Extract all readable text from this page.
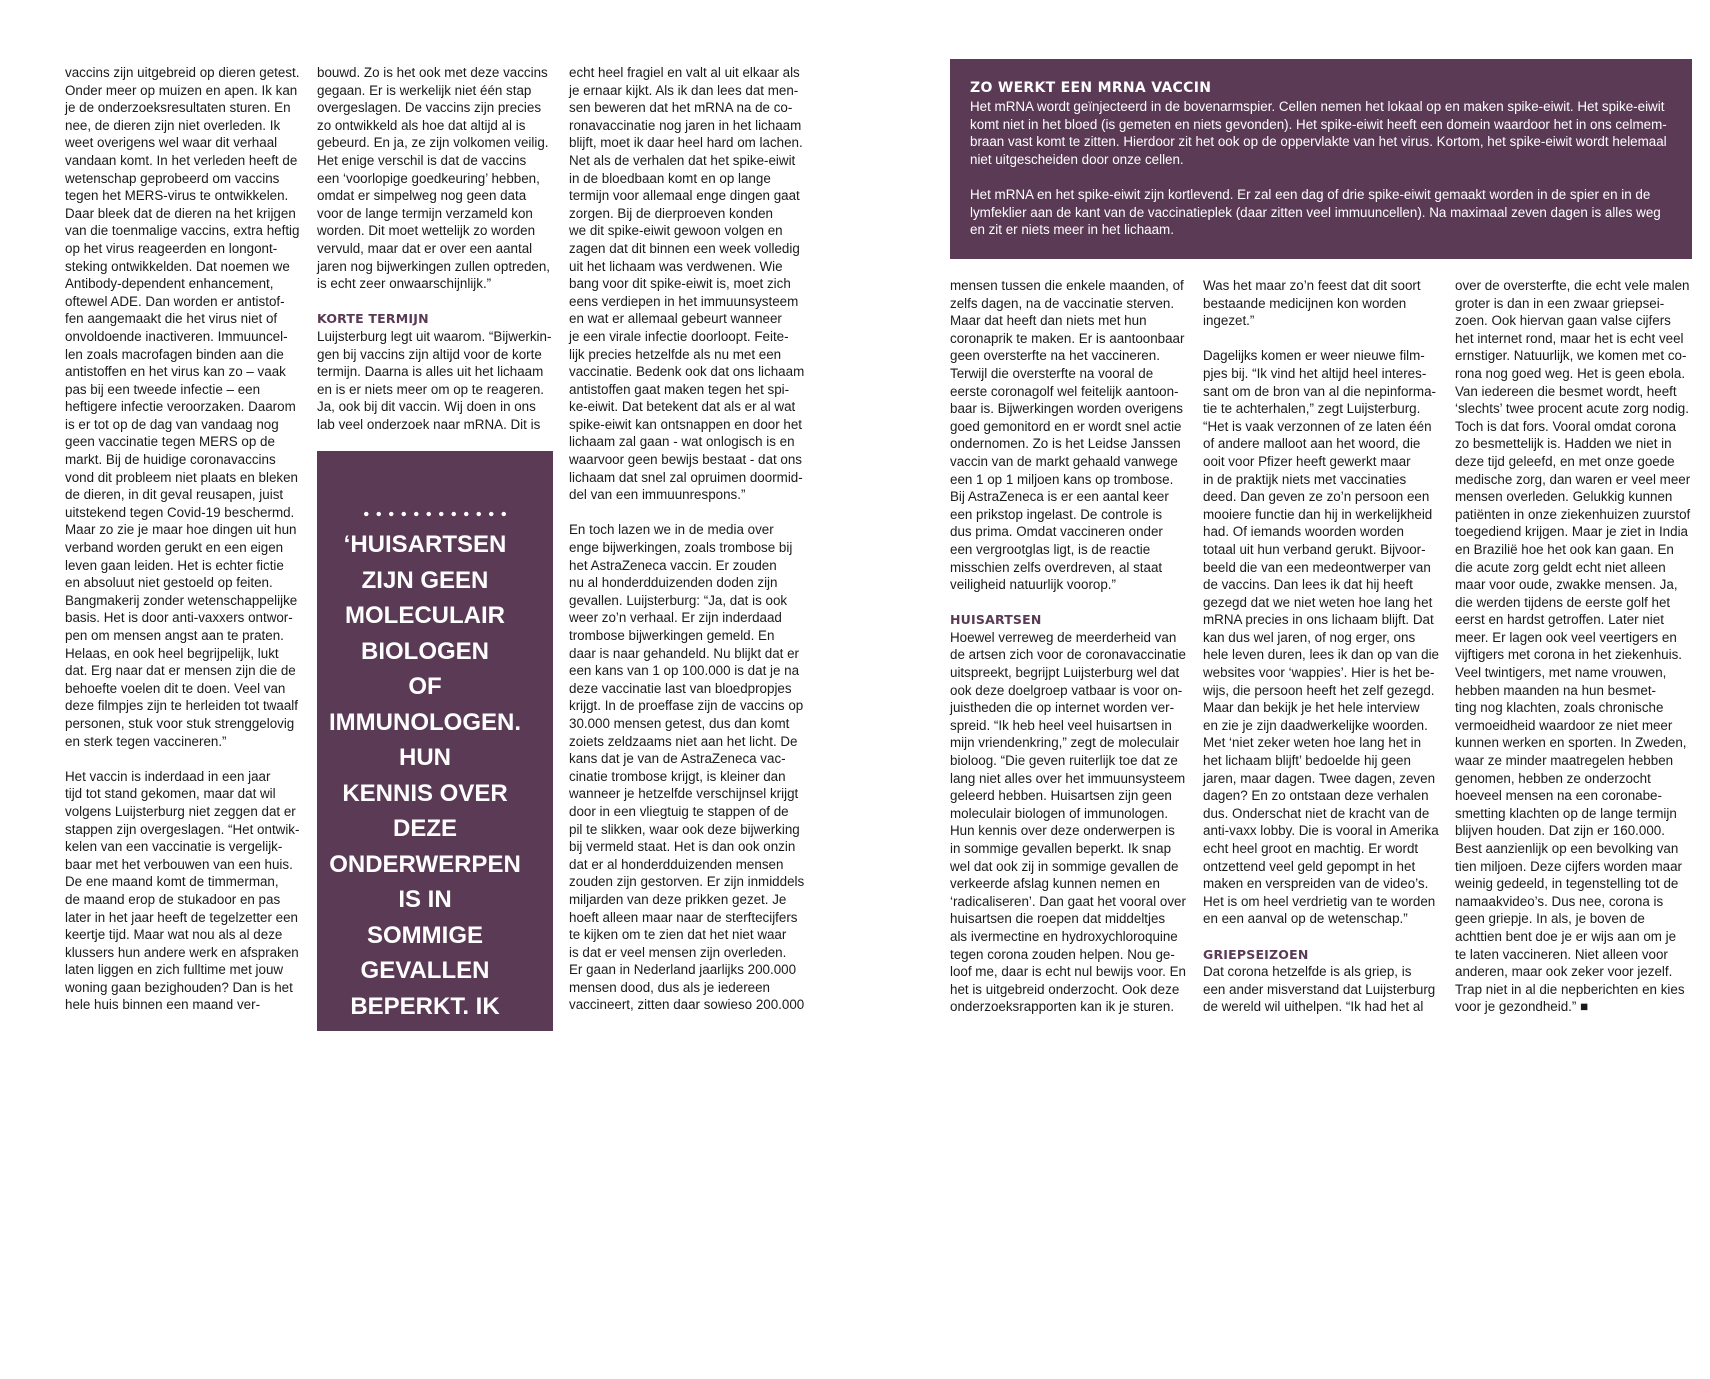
vaccins zijn uitgebreid op dieren getest.
Onder meer op muizen en apen. Ik kan
je de onderzoeksresultaten sturen. En
nee, de dieren zijn niet overleden. Ik
weet overigens wel waar dit verhaal
vandaan komt. In het verleden heeft de
wetenschap geprobeerd om vaccins
tegen het MERS-virus te ontwikkelen.
Daar bleek dat de dieren na het krijgen
van die toenmalige vaccins, extra heftig
op het virus reageerden en longont-
steking ontwikkelden. Dat noemen we
Antibody-dependent enhancement,
oftewel ADE. Dan worden er antistof-
fen aangemaakt die het virus niet of
onvoldoende inactiveren. Immuuncel-
len zoals macrofagen binden aan die
antistoffen en het virus kan zo – vaak
pas bij een tweede infectie – een
heftigere infectie veroorzaken. Daarom
is er tot op de dag van vandaag nog
geen vaccinatie tegen MERS op de
markt. Bij de huidige coronavaccins
vond dit probleem niet plaats en bleken
de dieren, in dit geval reusapen, juist
uitstekend tegen Covid-19 beschermd.
Maar zo zie je maar hoe dingen uit hun
verband worden gerukt en een eigen
leven gaan leiden. Het is echter fictie
en absoluut niet gestoeld op feiten.
Bangmakerij zonder wetenschappelijke
basis. Het is door anti-vaxxers ontwor-
pen om mensen angst aan te praten.
Helaas, en ook heel begrijpelijk, lukt
dat. Erg naar dat er mensen zijn die de
behoefte voelen dit te doen. Veel van
deze filmpjes zijn te herleiden tot twaalf
personen, stuk voor stuk strenggelovig
en sterk tegen vaccineren.”

Het vaccin is inderdaad in een jaar
tijd tot stand gekomen, maar dat wil
volgens Luijsterburg niet zeggen dat er
stappen zijn overgeslagen. “Het ontwik-
kelen van een vaccinatie is vergelijk-
baar met het verbouwen van een huis.
De ene maand komt de timmerman,
de maand erop de stukadoor en pas
later in het jaar heeft de tegelzetter een
keertje tijd. Maar wat nou als al deze
klussers hun andere werk en afspraken
laten liggen en zich fulltime met jouw
woning gaan bezighouden? Dan is het
hele huis binnen een maand ver-

bouwd. Zo is het ook met deze vaccins
gegaan. Er is werkelijk niet één stap
overgeslagen. De vaccins zijn precies
zo ontwikkeld als hoe dat altijd al is
gebeurd. En ja, ze zijn volkomen veilig.
Het enige verschil is dat de vaccins
een ‘voorlopige goedkeuring’ hebben,
omdat er simpelweg nog geen data
voor de lange termijn verzameld kon
worden. Dit moet wettelijk zo worden
vervuld, maar dat er over een aantal
jaren nog bijwerkingen zullen optreden,
is echt zeer onwaarschijnlijk.”

KORTE TERMIJN

Luijsterburg legt uit waarom. “Bijwerkin-
gen bij vaccins zijn altijd voor de korte
termijn. Daarna is alles uit het lichaam
en is er niets meer om op te reageren.
Ja, ook bij dit vaccin. Wij doen in ons
lab veel onderzoek naar mRNA. Dit is

‘HUISARTSEN ZIJN GEEN
MOLECULAIR BIOLOGEN
OF IMMUNOLOGEN. HUN
KENNIS OVER DEZE
ONDERWERPEN IS IN
SOMMIGE GEVALLEN
BEPERKT. IK SNAP
WEL DAT OOK ZIJ IN
SOMMIGE GEVALLEN
DE VERKEERDE AFSLAG
KUNNEN NEMEN EN
‘RADICALISEREN’.’

echt heel fragiel en valt al uit elkaar als
je ernaar kijkt. Als ik dan lees dat men-
sen beweren dat het mRNA na de co-
ronavaccinatie nog jaren in het lichaam
blijft, moet ik daar heel hard om lachen.
Net als de verhalen dat het spike-eiwit
in de bloedbaan komt en op lange
termijn voor allemaal enge dingen gaat
zorgen. Bij de dierproeven konden
we dit spike-eiwit gewoon volgen en
zagen dat dit binnen een week volledig
uit het lichaam was verdwenen. Wie
bang voor dit spike-eiwit is, moet zich
eens verdiepen in het immuunsysteem
en wat er allemaal gebeurt wanneer
je een virale infectie doorloopt. Feite-
lijk precies hetzelfde als nu met een
vaccinatie. Bedenk ook dat ons lichaam
antistoffen gaat maken tegen het spi-
ke-eiwit. Dat betekent dat als er al wat
spike-eiwit kan ontsnappen en door het
lichaam zal gaan - wat onlogisch is en
waarvoor geen bewijs bestaat - dat ons
lichaam dat snel zal opruimen doormid-
del van een immuunrespons.”

En toch lazen we in de media over
enge bijwerkingen, zoals trombose bij
het AstraZeneca vaccin. Er zouden
nu al honderdduizenden doden zijn
gevallen. Luijsterburg: “Ja, dat is ook
weer zo’n verhaal. Er zijn inderdaad
trombose bijwerkingen gemeld. En
daar is naar gehandeld. Nu blijkt dat er
een kans van 1 op 100.000 is dat je na
deze vaccinatie last van bloedpropjes
krijgt. In de proeffase zijn de vaccins op
30.000 mensen getest, dus dan komt
zoiets zeldzaams niet aan het licht. De
kans dat je van de AstraZeneca vac-
cinatie trombose krijgt, is kleiner dan
wanneer je hetzelfde verschijnsel krijgt
door in een vliegtuig te stappen of de
pil te slikken, waar ook deze bijwerking
bij vermeld staat. Het is dan ook onzin
dat er al honderdduizenden mensen
zouden zijn gestorven. Er zijn inmiddels
miljarden van deze prikken gezet. Je
hoeft alleen maar naar de sterftecijfers
te kijken om te zien dat het niet waar
is dat er veel mensen zijn overleden.
Er gaan in Nederland jaarlijks 200.000
mensen dood, dus als je iedereen
vaccineert, zitten daar sowieso 200.000

ZO WERKT EEN MRNA VACCIN

Het mRNA wordt geïnjecteerd in de bovenarmspier. Cellen nemen het lokaal op en maken spike-eiwit. Het spike-eiwit
komt niet in het bloed (is gemeten en niets gevonden). Het spike-eiwit heeft een domein waardoor het in ons celmem-
braan vast komt te zitten. Hierdoor zit het ook op de oppervlakte van het virus. Kortom, het spike-eiwit wordt helemaal
niet uitgescheiden door onze cellen.

Het mRNA en het spike-eiwit zijn kortlevend. Er zal een dag of drie spike-eiwit gemaakt worden in de spier en in de
lymfeklier aan de kant van de vaccinatieplek (daar zitten veel immuuncellen). Na maximaal zeven dagen is alles weg
en zit er niets meer in het lichaam.

mensen tussen die enkele maanden, of
zelfs dagen, na de vaccinatie sterven.
Maar dat heeft dan niets met hun
coronaprik te maken. Er is aantoonbaar
geen oversterfte na het vaccineren.
Terwijl die oversterfte na vooral de
eerste coronagolf wel feitelijk aantoon-
baar is. Bijwerkingen worden overigens
goed gemonitord en er wordt snel actie
ondernomen. Zo is het Leidse Janssen
vaccin van de markt gehaald vanwege
een 1 op 1 miljoen kans op trombose.
Bij AstraZeneca is er een aantal keer
een prikstop ingelast. De controle is
dus prima. Omdat vaccineren onder
een vergrootglas ligt, is de reactie
misschien zelfs overdreven, al staat
veiligheid natuurlijk voorop.”

HUISARTSEN

Hoewel verreweg de meerderheid van
de artsen zich voor de coronavaccinatie
uitspreekt, begrijpt Luijsterburg wel dat
ook deze doelgroep vatbaar is voor on-
juistheden die op internet worden ver-
spreid. “Ik heb heel veel huisartsen in
mijn vriendenkring,” zegt de moleculair
bioloog. “Die geven ruiterlijk toe dat ze
lang niet alles over het immuunsysteem
geleerd hebben. Huisartsen zijn geen
moleculair biologen of immunologen.
Hun kennis over deze onderwerpen is
in sommige gevallen beperkt. Ik snap
wel dat ook zij in sommige gevallen de
verkeerde afslag kunnen nemen en
‘radicaliseren’. Dan gaat het vooral over
huisartsen die roepen dat middeltjes
als ivermectine en hydroxychloroquine
tegen corona zouden helpen. Nou ge-
loof me, daar is echt nul bewijs voor. En
het is uitgebreid onderzocht. Ook deze
onderzoeksrapporten kan ik je sturen.

Was het maar zo’n feest dat dit soort
bestaande medicijnen kon worden
ingezet.”

Dagelijks komen er weer nieuwe film-
pjes bij. “Ik vind het altijd heel interes-
sant om de bron van al die nepinforma-
tie te achterhalen,” zegt Luijsterburg.
“Het is vaak verzonnen of ze laten één
of andere malloot aan het woord, die
ooit voor Pfizer heeft gewerkt maar
in de praktijk niets met vaccinaties
deed. Dan geven ze zo’n persoon een
mooiere functie dan hij in werkelijkheid
had. Of iemands woorden worden
totaal uit hun verband gerukt. Bijvoor-
beeld die van een medeontwerper van
de vaccins. Dan lees ik dat hij heeft
gezegd dat we niet weten hoe lang het
mRNA precies in ons lichaam blijft. Dat
kan dus wel jaren, of nog erger, ons
hele leven duren, lees ik dan op van die
websites voor ‘wappies’. Hier is het be-
wijs, die persoon heeft het zelf gezegd.
Maar dan bekijk je het hele interview
en zie je zijn daadwerkelijke woorden.
Met ‘niet zeker weten hoe lang het in
het lichaam blijft’ bedoelde hij geen
jaren, maar dagen. Twee dagen, zeven
dagen? En zo ontstaan deze verhalen
dus. Onderschat niet de kracht van de
anti-vaxx lobby. Die is vooral in Amerika
echt heel groot en machtig. Er wordt
ontzettend veel geld gepompt in het
maken en verspreiden van de video’s.
Het is om heel verdrietig van te worden
en een aanval op de wetenschap.”

GRIEPSEIZOEN

Dat corona hetzelfde is als griep, is
een ander misverstand dat Luijsterburg
de wereld wil uithelpen. “Ik had het al

over de oversterfte, die echt vele malen
groter is dan in een zwaar griepsei-
zoen. Ook hiervan gaan valse cijfers
het internet rond, maar het is echt veel
ernstiger. Natuurlijk, we komen met co-
rona nog goed weg. Het is geen ebola.
Van iedereen die besmet wordt, heeft
‘slechts’ twee procent acute zorg nodig.
Toch is dat fors. Vooral omdat corona
zo besmettelijk is. Hadden we niet in
deze tijd geleefd, en met onze goede
medische zorg, dan waren er veel meer
mensen overleden. Gelukkig kunnen
patiënten in onze ziekenhuizen zuurstof
toegediend krijgen. Maar je ziet in India
en Brazilië hoe het ook kan gaan. En
die acute zorg geldt echt niet alleen
maar voor oude, zwakke mensen. Ja,
die werden tijdens de eerste golf het
eerst en hardst getroffen. Later niet
meer. Er lagen ook veel veertigers en
vijftigers met corona in het ziekenhuis.
Veel twintigers, met name vrouwen,
hebben maanden na hun besmet-
ting nog klachten, zoals chronische
vermoeidheid waardoor ze niet meer
kunnen werken en sporten. In Zweden,
waar ze minder maatregelen hebben
genomen, hebben ze onderzocht
hoeveel mensen na een coronabe-
smetting klachten op de lange termijn
blijven houden. Dat zijn er 160.000.
Best aanzienlijk op een bevolking van
tien miljoen. Deze cijfers worden maar
weinig gedeeld, in tegenstelling tot de
namaakvideo’s. Dus nee, corona is
geen griepje. In als, je boven de
achttien bent doe je er wijs aan om je
te laten vaccineren. Niet alleen voor
anderen, maar ook zeker voor jezelf.
Trap niet in al die nepberichten en kies
voor je gezondheid.” ■
